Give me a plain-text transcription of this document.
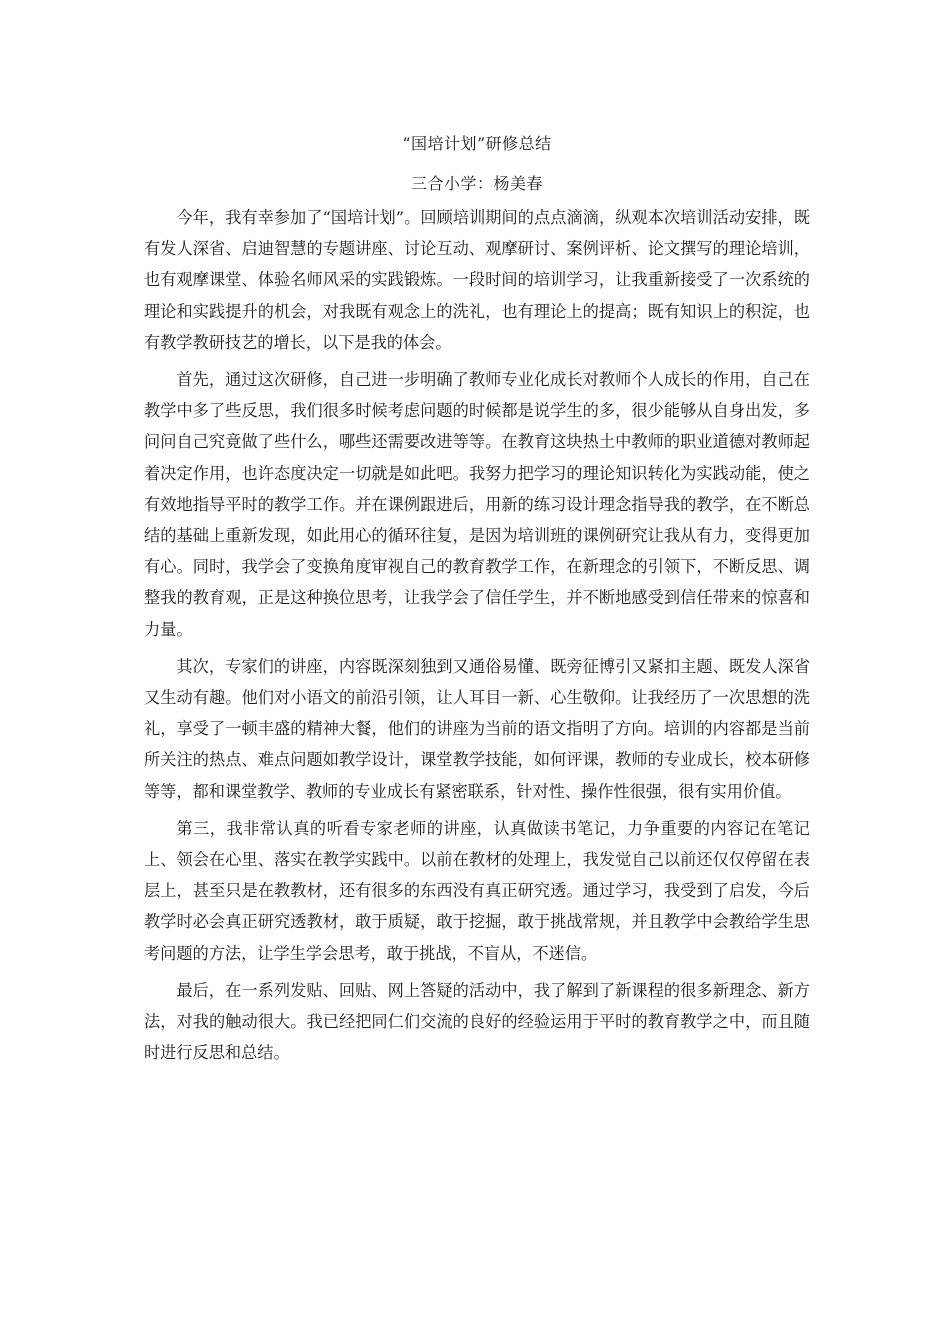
“国培计划”研修总结
三合小学：杨美春

今年，我有幸参加了“国培计划”。回顾培训期间的点点滴滴，纵观本次培训活动安排，既有发人深省、启迪智慧的专题讲座、讨论互动、观摩研讨、案例评析、论文撰写的理论培训，也有观摩课堂、体验名师风采的实践锻炼。一段时间的培训学习，让我重新接受了一次系统的理论和实践提升的机会，对我既有观念上的洗礼，也有理论上的提高；既有知识上的积淀，也有教学教研技艺的增长，以下是我的体会。

首先，通过这次研修，自己进一步明确了教师专业化成长对教师个人成长的作用，自己在教学中多了些反思，我们很多时候考虑问题的时候都是说学生的多，很少能够从自身出发，多问问自己究竟做了些什么，哪些还需要改进等等。在教育这块热土中教师的职业道德对教师起着决定作用，也许态度决定一切就是如此吧。我努力把学习的理论知识转化为实践动能，使之有效地指导平时的教学工作。并在课例跟进后，用新的练习设计理念指导我的教学，在不断总结的基础上重新发现，如此用心的循环往复，是因为培训班的课例研究让我从有力，变得更加有心。同时，我学会了变换角度审视自己的教育教学工作，在新理念的引领下，不断反思、调整我的教育观，正是这种换位思考，让我学会了信任学生，并不断地感受到信任带来的惊喜和力量。

其次，专家们的讲座，内容既深刻独到又通俗易懂、既旁征博引又紧扣主题、既发人深省又生动有趣。他们对小语文的前沿引领，让人耳目一新、心生敬仰。让我经历了一次思想的洗礼，享受了一顿丰盛的精神大餐，他们的讲座为当前的语文指明了方向。培训的内容都是当前所关注的热点、难点问题如教学设计，课堂教学技能，如何评课，教师的专业成长，校本研修等等，都和课堂教学、教师的专业成长有紧密联系，针对性、操作性很强，很有实用价值。

第三，我非常认真的听看专家老师的讲座，认真做读书笔记，力争重要的内容记在笔记上、领会在心里、落实在教学实践中。以前在教材的处理上，我发觉自己以前还仅仅停留在表层上，甚至只是在教教材，还有很多的东西没有真正研究透。通过学习，我受到了启发，今后教学时必会真正研究透教材，敢于质疑，敢于挖掘，敢于挑战常规，并且教学中会教给学生思考问题的方法，让学生学会思考，敢于挑战，不盲从，不迷信。

最后，在一系列发贴、回贴、网上答疑的活动中，我了解到了新课程的很多新理念、新方法，对我的触动很大。我已经把同仁们交流的良好的经验运用于平时的教育教学之中，而且随时进行反思和总结。
